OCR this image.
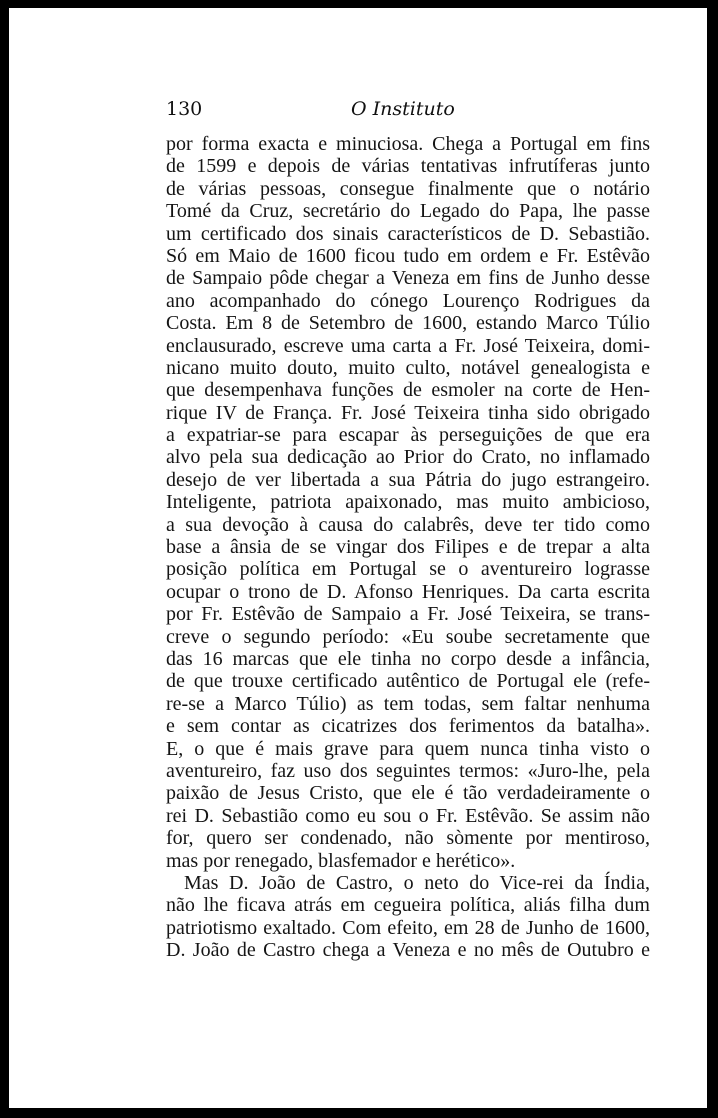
130	O Instituto
por forma exacta e minuciosa. Chega a Portugal em fins
de 1599 e depois de várias tentativas infrutíferas junto
de várias pessoas, consegue finalmente que o notário
Tomé da Cruz, secretário do Legado do Papa, lhe passe
um certificado dos sinais característicos de D. Sebastião.
Só em Maio de 1600 ficou tudo em ordem e Fr. Estêvão
de Sampaio pôde chegar a Veneza em fins de Junho desse
ano acompanhado do cónego Lourenço Rodrigues da
Costa. Em 8 de Setembro de 1600, estando Marco Túlio
enclausurado, escreve uma carta a Fr. José Teixeira, domi-
nicano muito douto, muito culto, notável genealogista e
que desempenhava funções de esmoler na corte de Hen-
rique IV de França. Fr. José Teixeira tinha sido obrigado
a expatriar-se para escapar às perseguições de que era
alvo pela sua dedicação ao Prior do Crato, no inflamado
desejo de ver libertada a sua Pátria do jugo estrangeiro.
Inteligente, patriota apaixonado, mas muito ambicioso,
a sua devoção à causa do calabrês, deve ter tido como
base a ânsia de se vingar dos Filipes e de trepar a alta
posição política em Portugal se o aventureiro lograsse
ocupar o trono de D. Afonso Henriques. Da carta escrita
por Fr. Estêvão de Sampaio a Fr. José Teixeira, se trans-
creve o segundo período: «Eu soube secretamente que
das 16 marcas que ele tinha no corpo desde a infância,
de que trouxe certificado autêntico de Portugal ele (refe-
re-se a Marco Túlio) as tem todas, sem faltar nenhuma
e sem contar as cicatrizes dos ferimentos da batalha».
E, o que é mais grave para quem nunca tinha visto o
aventureiro, faz uso dos seguintes termos: «Juro-lhe, pela
paixão de Jesus Cristo, que ele é tão verdadeiramente o
rei D. Sebastião como eu sou o Fr. Estêvão. Se assim não
for, quero ser condenado, não sòmente por mentiroso,
mas por renegado, blasfemador e herético».
Mas D. João de Castro, o neto do Vice-rei da Índia,
não lhe ficava atrás em cegueira política, aliás filha dum
patriotismo exaltado. Com efeito, em 28 de Junho de 1600,
D. João de Castro chega a Veneza e no mês de Outubro e
